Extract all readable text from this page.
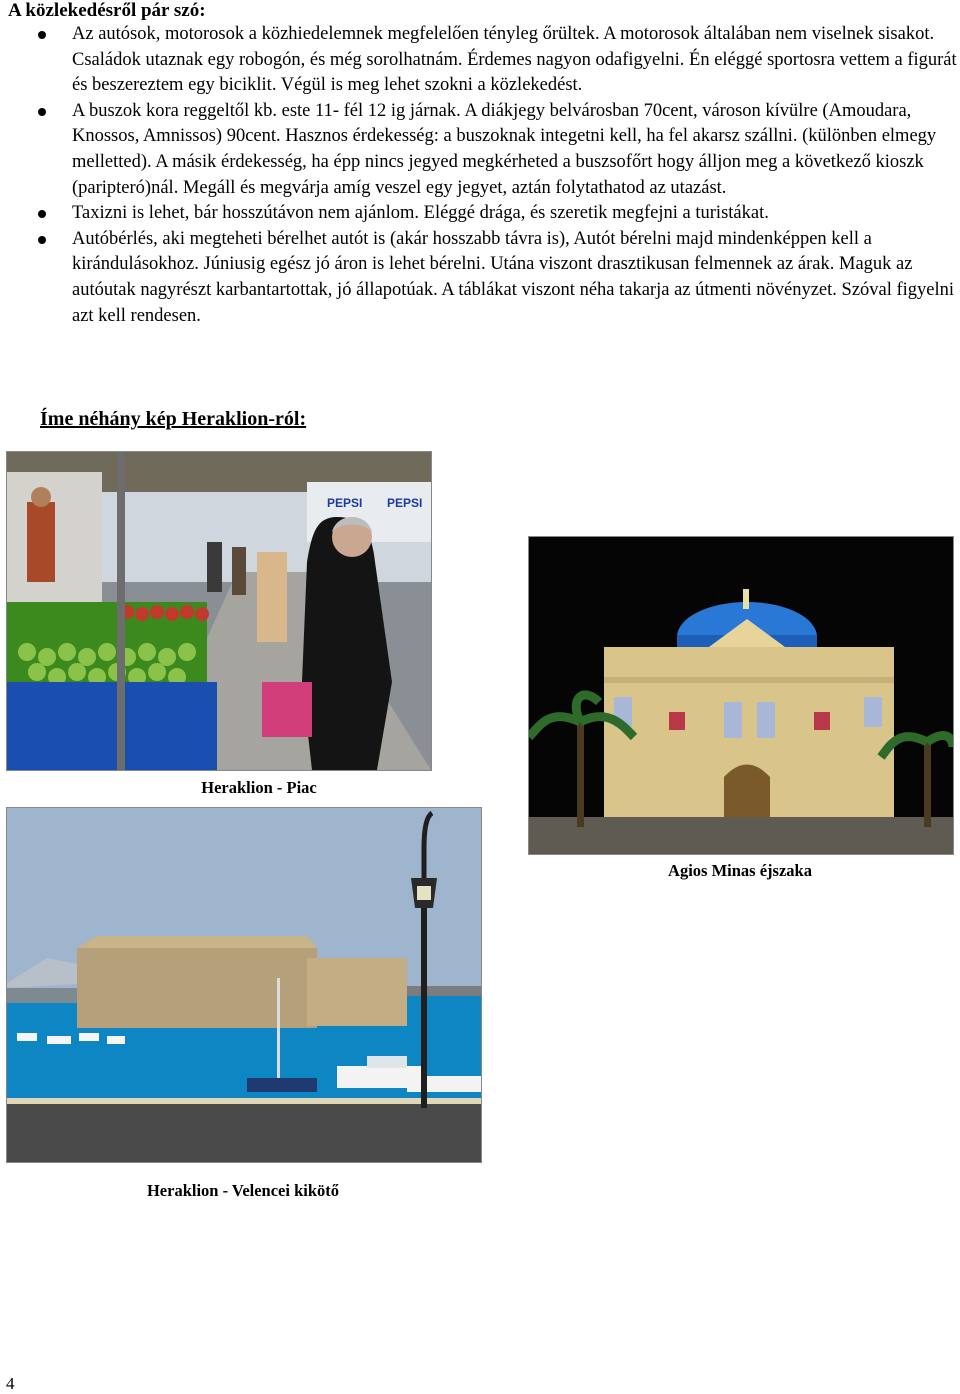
A közlekedésről pár szó:
Az autósok, motorosok a közhiedelemnek megfelelően tényleg őrültek. A motorosok általában nem viselnek sisakot. Családok utaznak egy robogón, és még sorolhatnám. Érdemes nagyon odafigyelni. Én eléggé sportosra vettem a figurát és beszereztem egy biciklit. Végül is meg lehet szokni a közlekedést.
A buszok kora reggeltől kb. este 11- fél 12 ig járnak. A diákjegy belvárosban 70cent, városon kívülre (Amoudara, Knossos, Amnissos) 90cent. Hasznos érdekesség: a buszoknak integetni kell, ha fel akarsz szállni. (különben elmegy melletted). A másik érdekesség, ha épp nincs jegyed megkérheted a buszsofőrt hogy álljon meg a következő kioszk (paripteró)nál. Megáll és megvárja amíg veszel egy jegyet, aztán folytathatod az utazást.
Taxizni is lehet, bár hosszútávon nem ajánlom. Eléggé drága, és szeretik megfejni a turistákat.
Autóbérlés, aki megteheti bérelhet autót is (akár hosszabb távra is), Autót bérelni majd mindenképpen kell a kirándulásokhoz. Júniusig egész jó áron is lehet bérelni. Utána viszont drasztikusan felmennek az árak. Maguk az autóutak nagyrészt karbantartottak, jó állapotúak. A táblákat viszont néha takarja az útmenti növényzet. Szóval figyelni azt kell rendesen.
Íme néhány kép Heraklion-ról:
PEPSI PEPSI
Heraklion - Piac
Agios Minas éjszaka
Heraklion - Velencei kikötő
4
